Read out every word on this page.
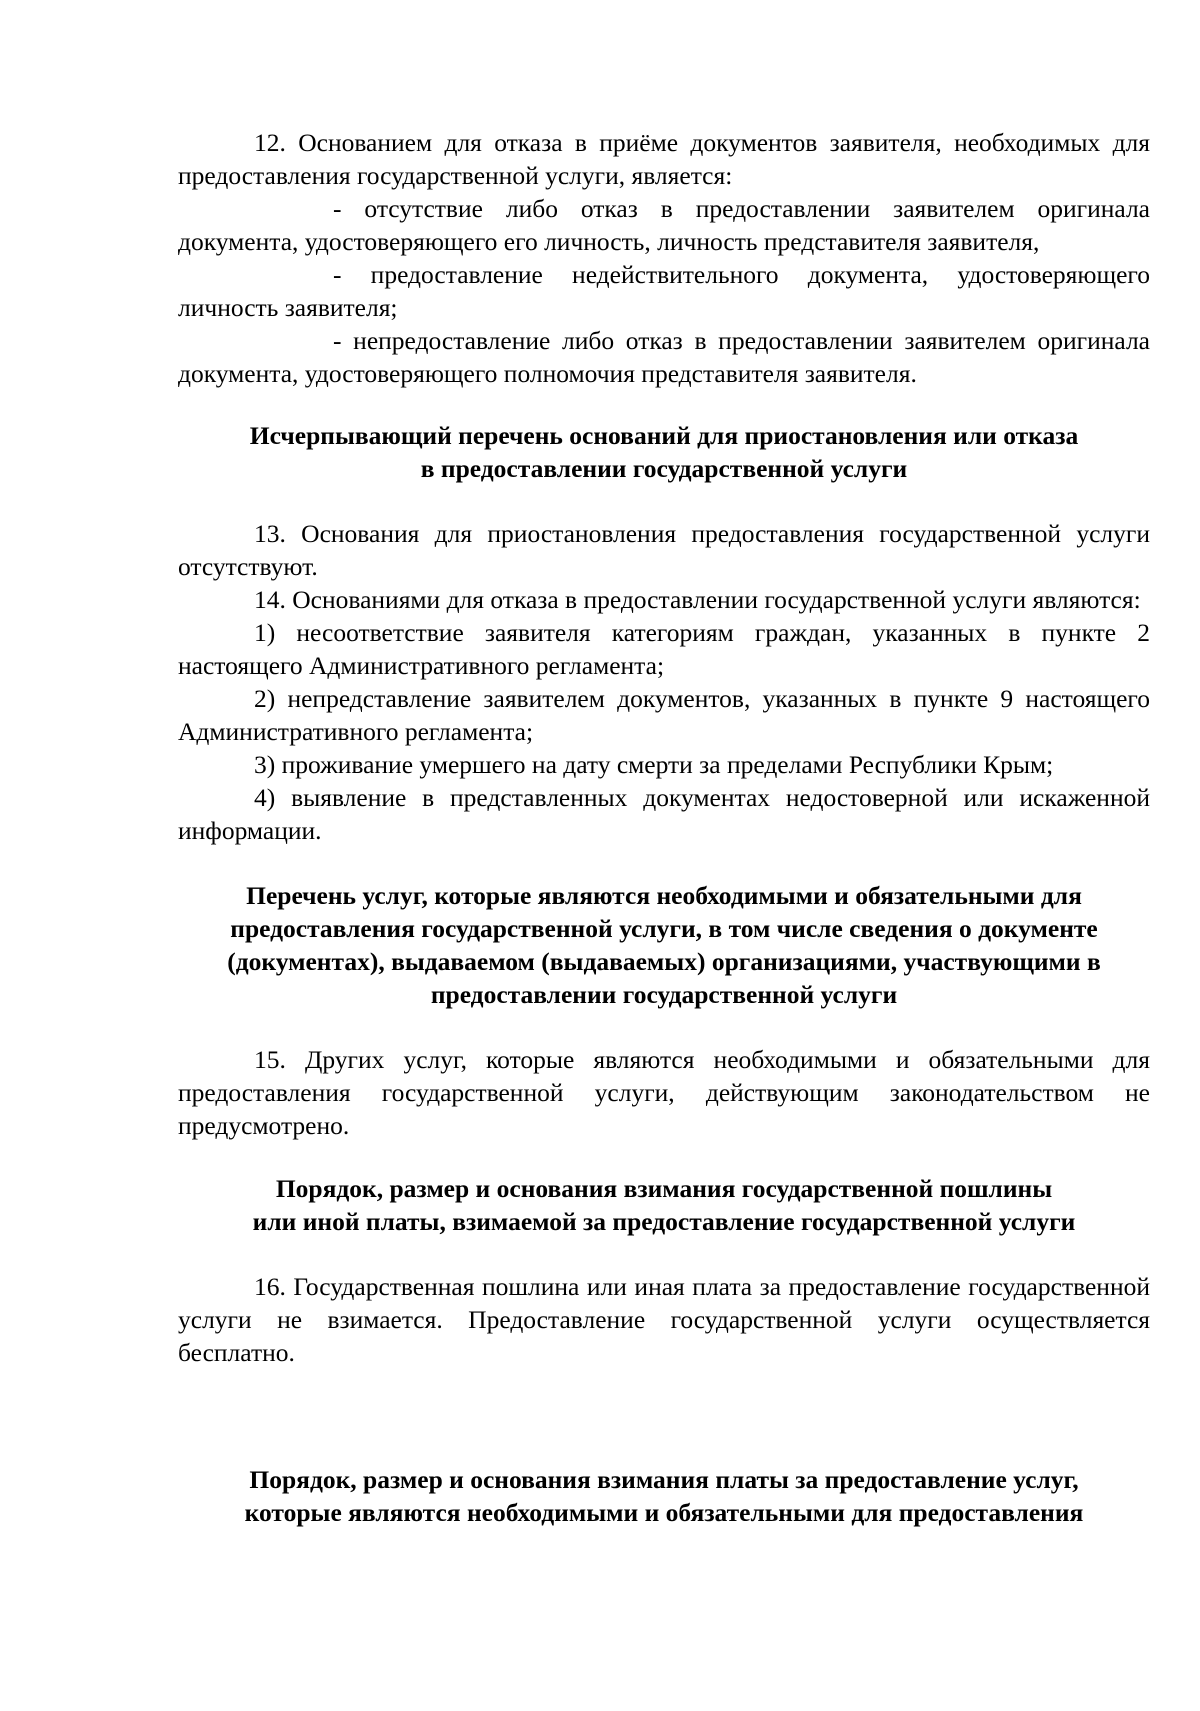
12. Основанием для отказа в приёме документов заявителя, необходимых для предоставления государственной услуги, является:

- отсутствие либо отказ в предоставлении заявителем оригинала документа, удостоверяющего его личность, личность представителя заявителя,

- предоставление недействительного документа, удостоверяющего личность заявителя;

- непредоставление либо отказ в предоставлении заявителем оригинала документа, удостоверяющего полномочия представителя заявителя.

Исчерпывающий перечень оснований для приостановления или отказа
в предоставлении государственной услуги

13. Основания для приостановления предоставления государственной услуги отсутствуют.

14. Основаниями для отказа в предоставлении государственной услуги являются:

1) несоответствие заявителя категориям граждан, указанных в пункте 2 настоящего Административного регламента;

2) непредставление заявителем документов, указанных в пункте 9 настоящего Административного регламента;

3) проживание умершего на дату смерти за пределами Республики Крым;

4) выявление в представленных документах недостоверной или искаженной информации.

Перечень услуг, которые являются необходимыми и обязательными для
предоставления государственной услуги, в том числе сведения о документе
(документах), выдаваемом (выдаваемых) организациями, участвующими в
предоставлении государственной услуги

15. Других услуг, которые являются необходимыми и обязательными для предоставления государственной услуги, действующим законодательством не предусмотрено.

Порядок, размер и основания взимания государственной пошлины
или иной платы, взимаемой за предоставление государственной услуги

16. Государственная пошлина или иная плата за предоставление государственной услуги не взимается. Предоставление государственной услуги осуществляется бесплатно.

Порядок, размер и основания взимания платы за предоставление услуг,
которые являются необходимыми и обязательными для предоставления
